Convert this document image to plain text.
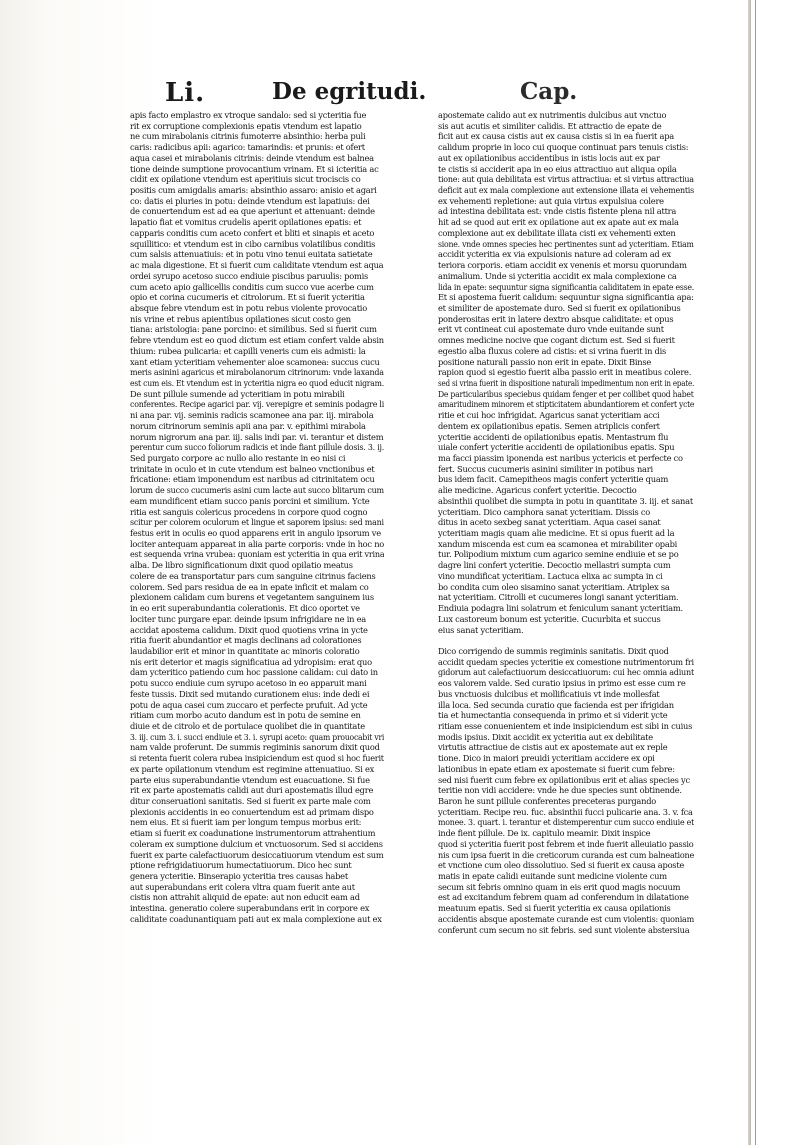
Li.	De egritudi.	Cap.
apis facto emplastro ex vtroque sandalo: sed si ycteritia fue
rit ex corruptione complexionis epatis vtendum est lapatio
ne cum mirabolanis citrinis fumoterre absinthio: herba puli
caris: radicibus apii: agarico: tamarindis: et prunis: et ofert
aqua casei et mirabolanis citrinis: deinde vtendum est balnea
tione deinde sumptione provocantium vrinam. Et si icteritia ac
cidit ex opilatione vtendum est aperitiuis sicut trociscis co
positis cum amigdalis amaris: absinthio assaro: anisio et agari
co: datis ei pluries in potu: deinde vtendum est lapatiuis: dei
de conuertendum est ad ea que aperiunt et attenuant: deinde
lapatio fiat et vomitus crudelis aperit opilationes epatis: et
capparis conditis cum aceto confert et bliti et sinapis et aceto
squillitico: et vtendum est in cibo carnibus volatilibus conditis
cum salsis attenuatiuis: et in potu vino tenui euitata satietate
ac mala digestione. Et si fuerit cum caliditate vtendum est aqua
ordei syrupo acetoso succo endiuie piscibus paruulis: pomis
cum aceto apio gallicellis conditis cum succo vue acerbe cum
opio et corina cucumeris et citrolorum. Et si fuerit ycteritia
absque febre vtendum est in potu rebus violente provocatio
nis vrine et rebus apientibus opilationes sicut costo gen
tiana: aristologia: pane porcino: et similibus. Sed si fuerit cum
febre vtendum est eo quod dictum est etiam confert valde absin
thium: rubea pulicaria: et capilli veneris cum eis admisti: la
xant etiam ycteritiam vehementer aloe scamonea: succus cucu
meris asinini agaricus et mirabolanorum citrinorum: vnde laxanda
est cum eis. Et vtendum est in ycteritia nigra eo quod educit nigram.
De sunt pillule sumende ad ycteritiam in potu mirabili
conferentes. Recipe agarici par. vij. verepigre et seminis podagre li
ni ana par. vij. seminis radicis scamonee ana par. iij. mirabola
norum citrinorum seminis apii ana par. v. epithimi mirabola
norum nigrorum ana par. iij. salis indi par. vi. terantur et distem
perentur cum succo foliorum radicis et inde fiant pillule dosis. 3. ij.
Sed purgato corpore ac nullo alio restante in eo nisi ci
trinitate in oculo et in cute vtendum est balneo vnctionibus et
fricatione: etiam imponendum est naribus ad citrinitatem ocu
lorum de succo cucumeris asini cum lacte aut succo blitarum cum
eam mundificent etiam succo panis porcini et similium. Ycte
ritia est sanguis colericus procedens in corpore quod cogno
scitur per colorem oculorum et lingue et saporem ipsius: sed mani
festus erit in oculis eo quod apparens erit in angulo ipsorum ve
lociter antequam appareat in alia parte corporis: vnde in hoc no
est sequenda vrina vrubea: quoniam est ycteritia in qua erit vrina
alba. De libro significationum dixit quod opilatio meatus
colere de ea transportatur pars cum sanguine citrinus faciens
colorem. Sed pars residua de ea in epate inficit et malam co
plexionem calidam cum burens et vegetantem sanguinem ius
in eo erit superabundantia colerationis. Et dico oportet ve
lociter tunc purgare epar. deinde ipsum infrigidare ne in ea
accidat apostema calidum. Dixit quod quotiens vrina in ycte
ritia fuerit abundantior et magis declinans ad colorationes
laudabilior erit et minor in quantitate ac minoris coloratio
nis erit deterior et magis significatiua ad ydropisim: erat quo
dam ycteritico patiendo cum hoc passione calidam: cui dato in
potu succo endiuie cum syrupo acetoso in eo apparuit mani
feste tussis. Dixit sed mutando curationem eius: inde dedi ei
potu de aqua casei cum zuccaro et perfecte prufuit. Ad ycte
ritiam cum morbo acuto dandum est in potu de semine en
diuie et de citrolo et de portulace quolibet die in quantitate
3. iij. cum 3. i. succi endiuie et 3. i. syrupi aceto: quam prouocabit vri
nam valde proferunt. De summis regiminis sanorum dixit quod
si retenta fuerit colera rubea insipiciendum est quod si hoc fuerit
ex parte opilationum vtendum est regimine attenuatiuo. Si ex
parte eius superabundantie vtendum est euacuatione. Si fue
rit ex parte apostematis calidi aut duri apostematis illud egre
ditur conseruationi sanitatis. Sed si fuerit ex parte male com
plexionis accidentis in eo conuertendum est ad primam dispo
nem eius. Et si fuerit iam per longum tempus morbus erit:
etiam si fuerit ex coadunatione instrumentorum attrahentium
coleram ex sumptione dulcium et vnctuosorum. Sed si accidens
fuerit ex parte calefactiuorum desiccatiuorum vtendum est sum
ptione refrigidatiuorum humectatiuorum. Dico hec sunt
genera ycteritie. Binserapio ycteritia tres causas habet
aut superabundans erit colera vltra quam fuerit ante aut
cistis non attrahit aliquid de epate: aut non educit eam ad
intestina. generatio colere superabundans erit in corpore ex
caliditate coadunantiquam pati aut ex mala complexione aut ex
apostemate calido aut ex nutrimentis dulcibus aut vnctuo
sis aut acutis et similiter calidis. Et attractio de epate de
ficit aut ex causa cistis aut ex causa cistis si in ea fuerit apa
calidum proprie in loco cui quoque continuat pars tenuis cistis:
aut ex opilationibus accidentibus in istis locis aut ex par
te cistis si acciderit apa in eo eius attractiuo aut aliqua opila
tione: aut quia debilitata est virtus attractiua: et si virtus attractiua
deficit aut ex mala complexione aut extensione illata ei vehementis
ex vehementi repletione: aut quia virtus expulsiua colere
ad intestina debilitata est: vnde cistis fistente plena nil attra
hit ad se quod aut erit ex opilatione aut ex apate aut ex mala
complexione aut ex debilitate illata cisti ex vehementi exten
sione. vnde omnes species hec pertinentes sunt ad ycteritiam. Etiam
accidit ycteritia ex via expulsionis nature ad coleram ad ex
teriora corporis. etiam accidit ex venenis et morsu quorundam
animalium. Unde si ycteritia accidit ex mala complexione ca
lida in epate: sequuntur signa significantia caliditatem in epate esse.
Et si apostema fuerit calidum: sequuntur signa significantia apa:
et similiter de apostemate duro. Sed si fuerit ex opilationibus
ponderositas erit in latere dextro absque caliditate: et opus
erit vt contineat cui apostemate duro vnde euitande sunt
omnes medicine nocive que cogant dictum est. Sed si fuerit
egestio alba fluxus colere ad cistis: et si vrina fuerit in dis
positione naturali passio non erit in epate. Dixit Binse
rapion quod si egestio fuerit alba passio erit in meatibus colere.
sed si vrina fuerit in dispositione naturali impedimentum non erit in epate.
De particularibus speciebus quidam fenger et per collibet quod habet
amaritudinem minorem et stipticitatem abundantiorem et confert ycte
ritie et cui hoc infrigidat. Agaricus sanat ycteritiam acci
dentem ex opilationibus epatis. Semen atriplicis confert
ycteritie accidenti de opilationibus epatis. Mentastrum flu
uiale confert ycteritie accidenti de opilationibus epatis. Spu
ma facci piassim iponenda est naribus yctericis et perfecte co
fert. Succus cucumeris asinini similiter in potibus nari
bus idem facit. Camepitheos magis confert ycteritie quam
alie medicine. Agaricus confert ycteritie. Decoctio
absinthii quolibet die sumpta in potu in quantitate 3. iij. et sanat
ycteritiam. Dico camphora sanat ycteritiam. Dissis co
ditus in aceto sexbeg sanat ycteritiam. Aqua casei sanat
ycteritiam magis quam alie medicine. Et si opus fuerit ad la
xandum miscenda est cum ea scamonea et mirabiliter opabi
tur. Polipodium mixtum cum agarico semine endiuie et se po
dagre lini confert ycteritie. Decoctio mellastri sumpta cum
vino mundificat ycteritiam. Lactuca elixa ac sumpta in ci
bo condita cum oleo sisamino sanat ycteritiam. Atriplex sa
nat ycteritiam. Citrolli et cucumeres longi sanant ycteritiam.
Endiuia podagra lini solatrum et feniculum sanant ycteritiam.
Lux castoreum bonum est ycteritie. Cucurbita et succus
eius sanat ycteritiam.
Dico corrigendo de summis regiminis sanitatis. Dixit quod
accidit quedam species ycteritie ex comestione nutrimentorum fri
gidorum aut calefactiuorum desiccatiuorum: cui hec omnia adiunt
eos valorem valde. Sed curatio ipsius in primo est esse cum re
bus vnctuosis dulcibus et mollificatiuis vt inde mollesfat
illa loca. Sed secunda curatio que facienda est per ifrigidan
tia et humectantia consequenda in primo et si viderit ycte
ritiam esse conuenientem et inde insipiciendum est sibi in cuius
modis ipsius. Dixit accidit ex ycteritia aut ex debilitate
virtutis attractiue de cistis aut ex apostemate aut ex reple
tione. Dico in maiori preuidi ycteritiam accidere ex opi
lationibus in epate etiam ex apostemate si fuerit cum febre:
sed nisi fuerit cum febre ex opilationibus erit et alias species yc
teritie non vidi accidere: vnde he due species sunt obtinende.
Baron he sunt pillule conferentes preceteras purgando
ycteritiam. Recipe reu. fuc. absinthii fucci pulicarie ana. 3. v. fca
monee. 3. quart. i. terantur et distemperentur cum succo endiuie et
inde fient pillule. De ix. capitulo meamir. Dixit inspice
quod si ycteritia fuerit post febrem et inde fuerit alleuiatio passio
nis cum ipsa fuerit in die creticorum curanda est cum balneatione
et vnctione cum oleo dissolutiuo. Sed si fuerit ex causa aposte
matis in epate calidi euitande sunt medicine violente cum
secum sit febris omnino quam in eis erit quod magis nocuum
est ad excitandum febrem quam ad conferendum in dilatatione
meatuum epatis. Sed si fuerit ycteritia ex causa opilationis
accidentis absque apostemate curande est cum violentis: quoniam
conferunt cum secum no sit febris. sed sunt violente abstersiua
